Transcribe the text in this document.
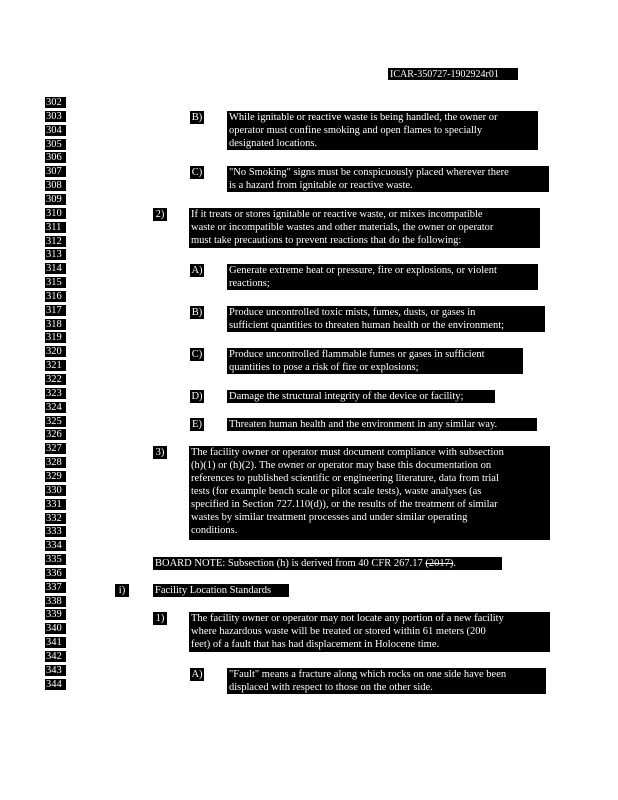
ICAR-350727-1902924r01
302
303
304
305
306
307
308
309
310
311
312
313
314
315
316
317
318
319
320
321
322
323
324
325
326
327
328
329
330
331
332
333
334
335
336
337
338
339
340
341
342
343
344
B)	While ignitable or reactive waste is being handled, the owner or
operator must confine smoking and open flames to specially
designated locations.
C)	"No Smoking" signs must be conspicuously placed wherever there
is a hazard from ignitable or reactive waste.
2)	If it treats or stores ignitable or reactive waste, or mixes incompatible
waste or incompatible wastes and other materials, the owner or operator
must take precautions to prevent reactions that do the following:
A)	Generate extreme heat or pressure, fire or explosions, or violent
reactions;
B)	Produce uncontrolled toxic mists, fumes, dusts, or gases in
sufficient quantities to threaten human health or the environment;
C)	Produce uncontrolled flammable fumes or gases in sufficient
quantities to pose a risk of fire or explosions;
D)	Damage the structural integrity of the device or facility;
E)	Threaten human health and the environment in any similar way.
3)	The facility owner or operator must document compliance with subsection
(h)(1) or (h)(2). The owner or operator may base this documentation on
references to published scientific or engineering literature, data from trial
tests (for example bench scale or pilot scale tests), waste analyses (as
specified in Section 727.110(d)), or the results of the treatment of similar
wastes by similar treatment processes and under similar operating
conditions.
BOARD NOTE: Subsection (h) is derived from 40 CFR 267.17 (2017).
i)	Facility Location Standards
1)	The facility owner or operator may not locate any portion of a new facility
where hazardous waste will be treated or stored within 61 meters (200
feet) of a fault that has had displacement in Holocene time.
A)	"Fault" means a fracture along which rocks on one side have been
displaced with respect to those on the other side.
